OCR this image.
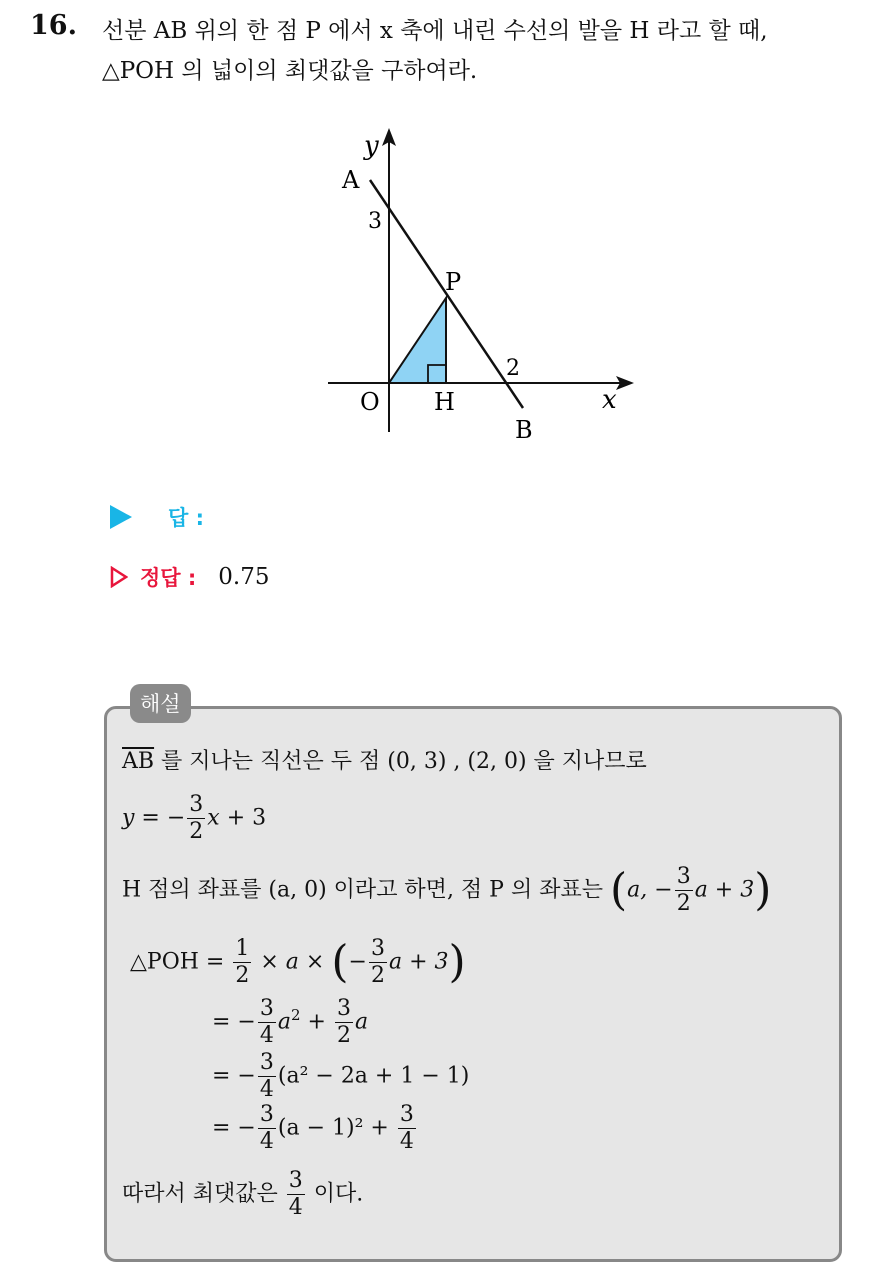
16. 선분 AB 위의 한 점 P 에서 x 축에 내린 수선의 발을 H 라고 할 때,
△POH 의 넓이의 최댓값을 구하여라.
y
A
3
P
2
O H	x
B
답 :
정답 : 0.75
해설
$\overline{AB}$ 를 지나는 직선은 두 점 (0, 3) , (2, 0) 을 지나므로
y = − $\frac{3}{2}$ x + 3
H 점의 좌표를 (a, 0) 이라고 하면, 점 P 의 좌표는 (a, − $\frac{3}{2}$ a + 3)
△POH = $\frac{1}{2} \times a$ × (− $\frac{3}{2}$ a + 3)
= − $\frac{3}{4} a^2 + \frac{3}{2}$ a
= − $\frac{3}{4} (a^2 - 2a + 1 - 1)$
= − $\frac{3}{4} (a - 1)^2 + \frac{3}{4}$
따라서 최댓값은 $\frac{3}{4}$ 이다.
